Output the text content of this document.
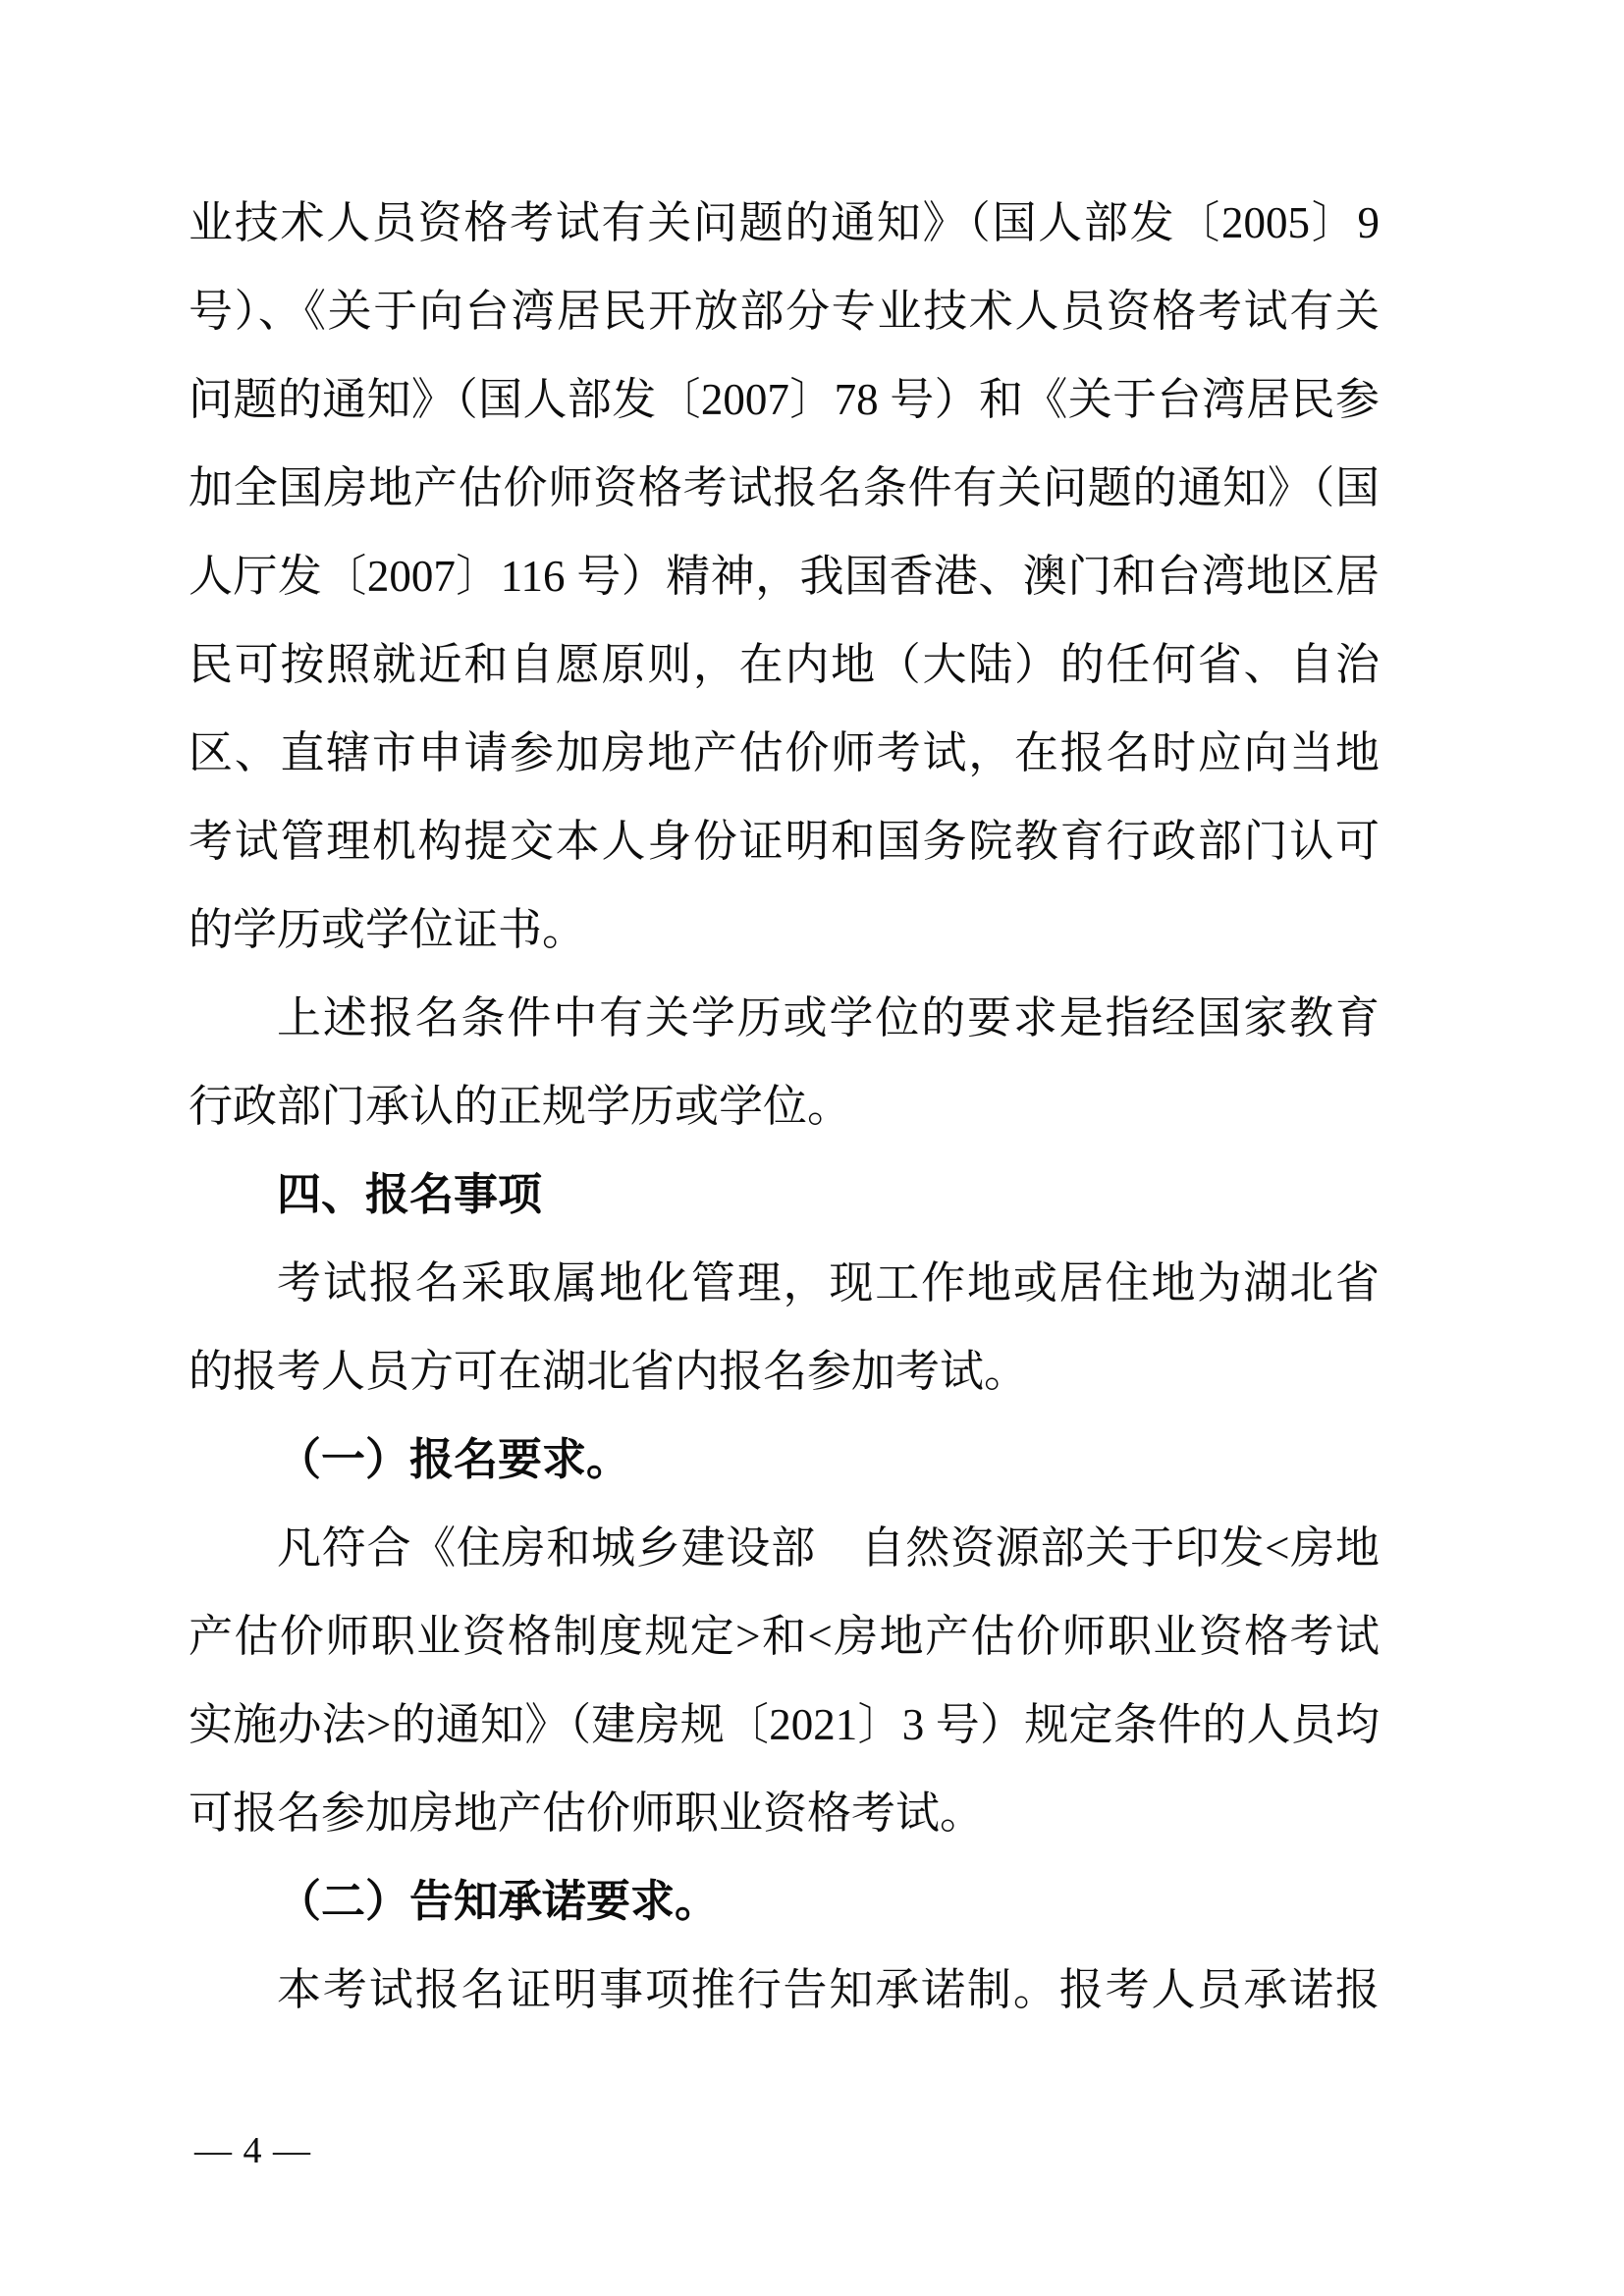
业技术人员资格考试有关问题的通知》（国人部发〔2005〕9
号）、《关于向台湾居民开放部分专业技术人员资格考试有关
问题的通知》（国人部发〔2007〕78 号）和《关于台湾居民参
加全国房地产估价师资格考试报名条件有关问题的通知》（国
人厅发〔2007〕116 号）精神，我国香港、澳门和台湾地区居
民可按照就近和自愿原则，在内地（大陆）的任何省、自治
区、直辖市申请参加房地产估价师考试，在报名时应向当地
考试管理机构提交本人身份证明和国务院教育行政部门认可
的学历或学位证书。
上述报名条件中有关学历或学位的要求是指经国家教育
行政部门承认的正规学历或学位。
四、报名事项
考试报名采取属地化管理，现工作地或居住地为湖北省
的报考人员方可在湖北省内报名参加考试。
（一）报名要求。
凡符合《住房和城乡建设部　自然资源部关于印发<房地
产估价师职业资格制度规定>和<房地产估价师职业资格考试
实施办法>的通知》（建房规〔2021〕3 号）规定条件的人员均
可报名参加房地产估价师职业资格考试。
（二）告知承诺要求。
本考试报名证明事项推行告知承诺制。报考人员承诺报
— 4 —
